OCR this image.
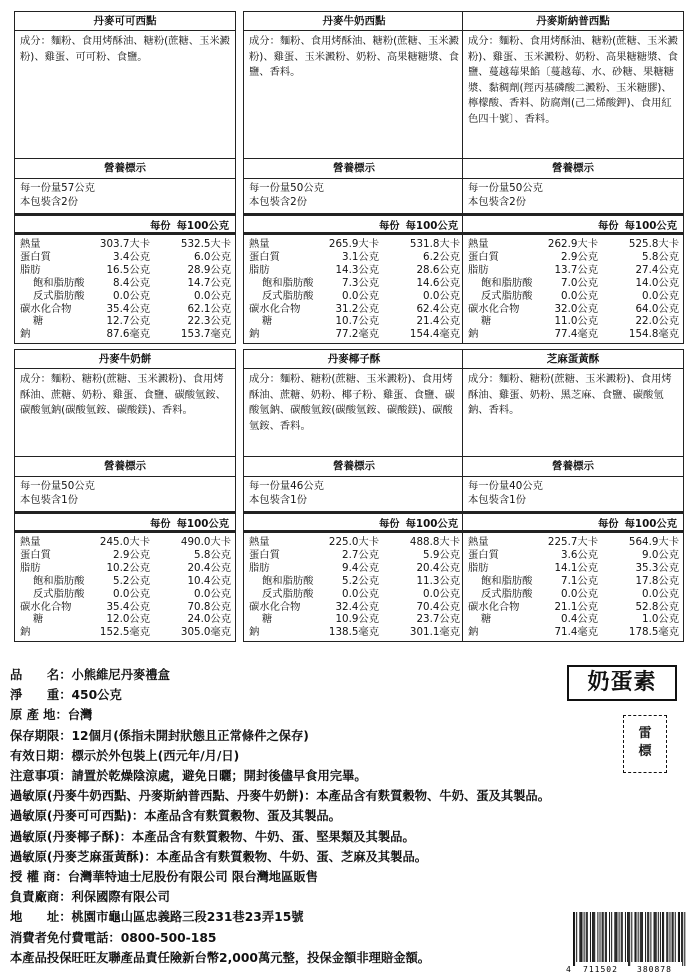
丹麥可可西點
成分：麵粉、食用烤酥油、糖粉(蔗糖、玉米澱粉)、雞蛋、可可粉、食鹽。
營養標示
每一份量57公克
本包裝含2份
每份 每100公克
熱量	303.7大卡	532.5大卡
蛋白質	3.4公克	6.0公克
脂肪	16.5公克	28.9公克
飽和脂肪酸	8.4公克	14.7公克
反式脂肪酸	0.0公克	0.0公克
碳水化合物	35.4公克	62.1公克
糖	12.7公克	22.3公克
鈉	87.6毫克	153.7毫克
丹麥牛奶西點
成分：麵粉、食用烤酥油、糖粉(蔗糖、玉米澱粉)、雞蛋、玉米澱粉、奶粉、高果糖糖漿、食鹽、香料。
營養標示
每一份量50公克
本包裝含2份
每份 每100公克
熱量	265.9大卡	531.8大卡
蛋白質	3.1公克	6.2公克
脂肪	14.3公克	28.6公克
飽和脂肪酸	7.3公克	14.6公克
反式脂肪酸	0.0公克	0.0公克
碳水化合物	31.2公克	62.4公克
糖	10.7公克	21.4公克
鈉	77.2毫克	154.4毫克
丹麥斯納普西點
成分：麵粉、食用烤酥油、糖粉(蔗糖、玉米澱粉)、雞蛋、玉米澱粉、奶粉、高果糖糖漿、食鹽、蔓越莓果餡〔蔓越莓、水、砂糖、果糖糖漿、黏稠劑(羥丙基磷酸二澱粉、玉米糖膠)、檸檬酸、香料、防腐劑(己二烯酸鉀)、食用紅色四十號〕、香料。
營養標示
每一份量50公克
本包裝含2份
每份 每100公克
熱量	262.9大卡	525.8大卡
蛋白質	2.9公克	5.8公克
脂肪	13.7公克	27.4公克
飽和脂肪酸	7.0公克	14.0公克
反式脂肪酸	0.0公克	0.0公克
碳水化合物	32.0公克	64.0公克
糖	11.0公克	22.0公克
鈉	77.4毫克	154.8毫克
丹麥牛奶餅
成分：麵粉、糖粉(蔗糖、玉米澱粉)、食用烤酥油、蔗糖、奶粉、雞蛋、食鹽、碳酸氫銨、碳酸氫鈉(碳酸氫銨、碳酸鎂)、香料。
營養標示
每一份量50公克
本包裝含1份
每份 每100公克
熱量	245.0大卡	490.0大卡
蛋白質	2.9公克	5.8公克
脂肪	10.2公克	20.4公克
飽和脂肪酸	5.2公克	10.4公克
反式脂肪酸	0.0公克	0.0公克
碳水化合物	35.4公克	70.8公克
糖	12.0公克	24.0公克
鈉	152.5毫克	305.0毫克
丹麥椰子酥
成分：麵粉、糖粉(蔗糖、玉米澱粉)、食用烤酥油、蔗糖、奶粉、椰子粉、雞蛋、食鹽、碳酸氫鈉、碳酸氫銨(碳酸氫銨、碳酸鎂)、碳酸氫銨、香料。
營養標示
每一份量46公克
本包裝含1份
每份 每100公克
熱量	225.0大卡	488.8大卡
蛋白質	2.7公克	5.9公克
脂肪	9.4公克	20.4公克
飽和脂肪酸	5.2公克	11.3公克
反式脂肪酸	0.0公克	0.0公克
碳水化合物	32.4公克	70.4公克
糖	10.9公克	23.7公克
鈉	138.5毫克	301.1毫克
芝麻蛋黃酥
成分：麵粉、糖粉(蔗糖、玉米澱粉)、食用烤酥油、雞蛋、奶粉、黑芝麻、食鹽、碳酸氫鈉、香料。
營養標示
每一份量40公克
本包裝含1份
每份 每100公克
熱量	225.7大卡	564.9大卡
蛋白質	3.6公克	9.0公克
脂肪	14.1公克	35.3公克
飽和脂肪酸	7.1公克	17.8公克
反式脂肪酸	0.0公克	0.0公克
碳水化合物	21.1公克	52.8公克
糖	0.4公克	1.0公克
鈉	71.4毫克	178.5毫克
品　　名： 小熊維尼丹麥禮盒
淨　　重： 450公克
原 產 地： 台灣
保存期限： 12個月(係指未開封狀態且正常條件之保存)
有效日期： 標示於外包裝上(西元年/月/日)
注意事項： 請置於乾燥陰涼處，避免日曬；開封後儘早食用完畢。
過敏原(丹麥牛奶西點、丹麥斯納普西點、丹麥牛奶餅)：本產品含有麩質穀物、牛奶、蛋及其製品。
過敏原(丹麥可可西點)：本產品含有麩質穀物、蛋及其製品。
過敏原(丹麥椰子酥)：本產品含有麩質穀物、牛奶、蛋、堅果類及其製品。
過敏原(丹麥芝麻蛋黃酥)：本產品含有麩質穀物、牛奶、蛋、芝麻及其製品。
授 權 商： 台灣華特迪士尼股份有限公司 限台灣地區販售
負責廠商： 利保國際有限公司
地　　址： 桃園市龜山區忠義路三段231巷23弄15號
消費者免付費電話： 0800-500-185
本產品投保旺旺友聯產品責任險新台幣2,000萬元整，投保金額非理賠金額。
奶蛋素
雷標
4 711502 380878
